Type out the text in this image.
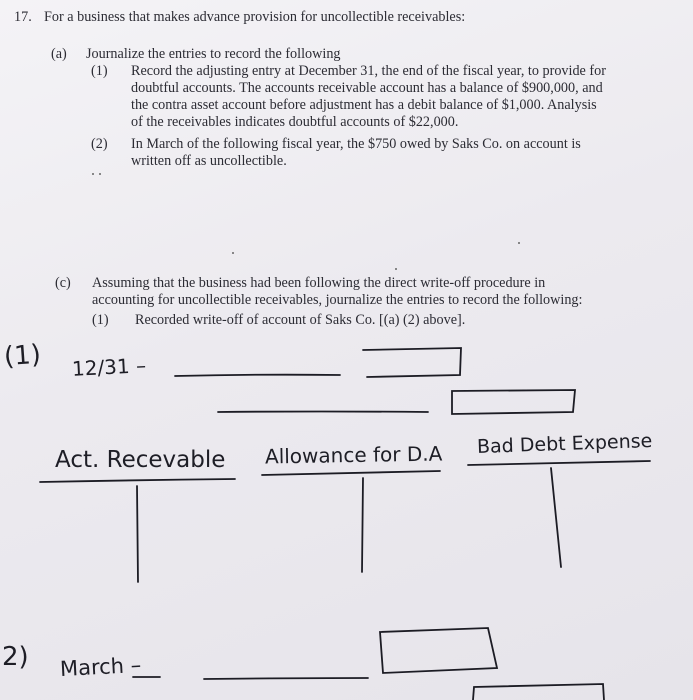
17. For a business that makes advance provision for uncollectible receivables:
(a) Journalize the entries to record the following
(1) Record the adjusting entry at December 31, the end of the fiscal year, to provide for
doubtful accounts. The accounts receivable account has a balance of $900,000, and
the contra asset account before adjustment has a debit balance of $1,000. Analysis
of the receivables indicates doubtful accounts of $22,000.
(2) In March of the following fiscal year, the $750 owed by Saks Co. on account is
written off as uncollectible.
(c) Assuming that the business had been following the direct write-off procedure in
accounting for uncollectible receivables, journalize the entries to record the following:
(1) Recorded write-off of account of Saks Co. [(a) (2) above].
(1) 12/31 –
Act. Recevable Allowance for D.A Bad Debt Expense
2) March –
